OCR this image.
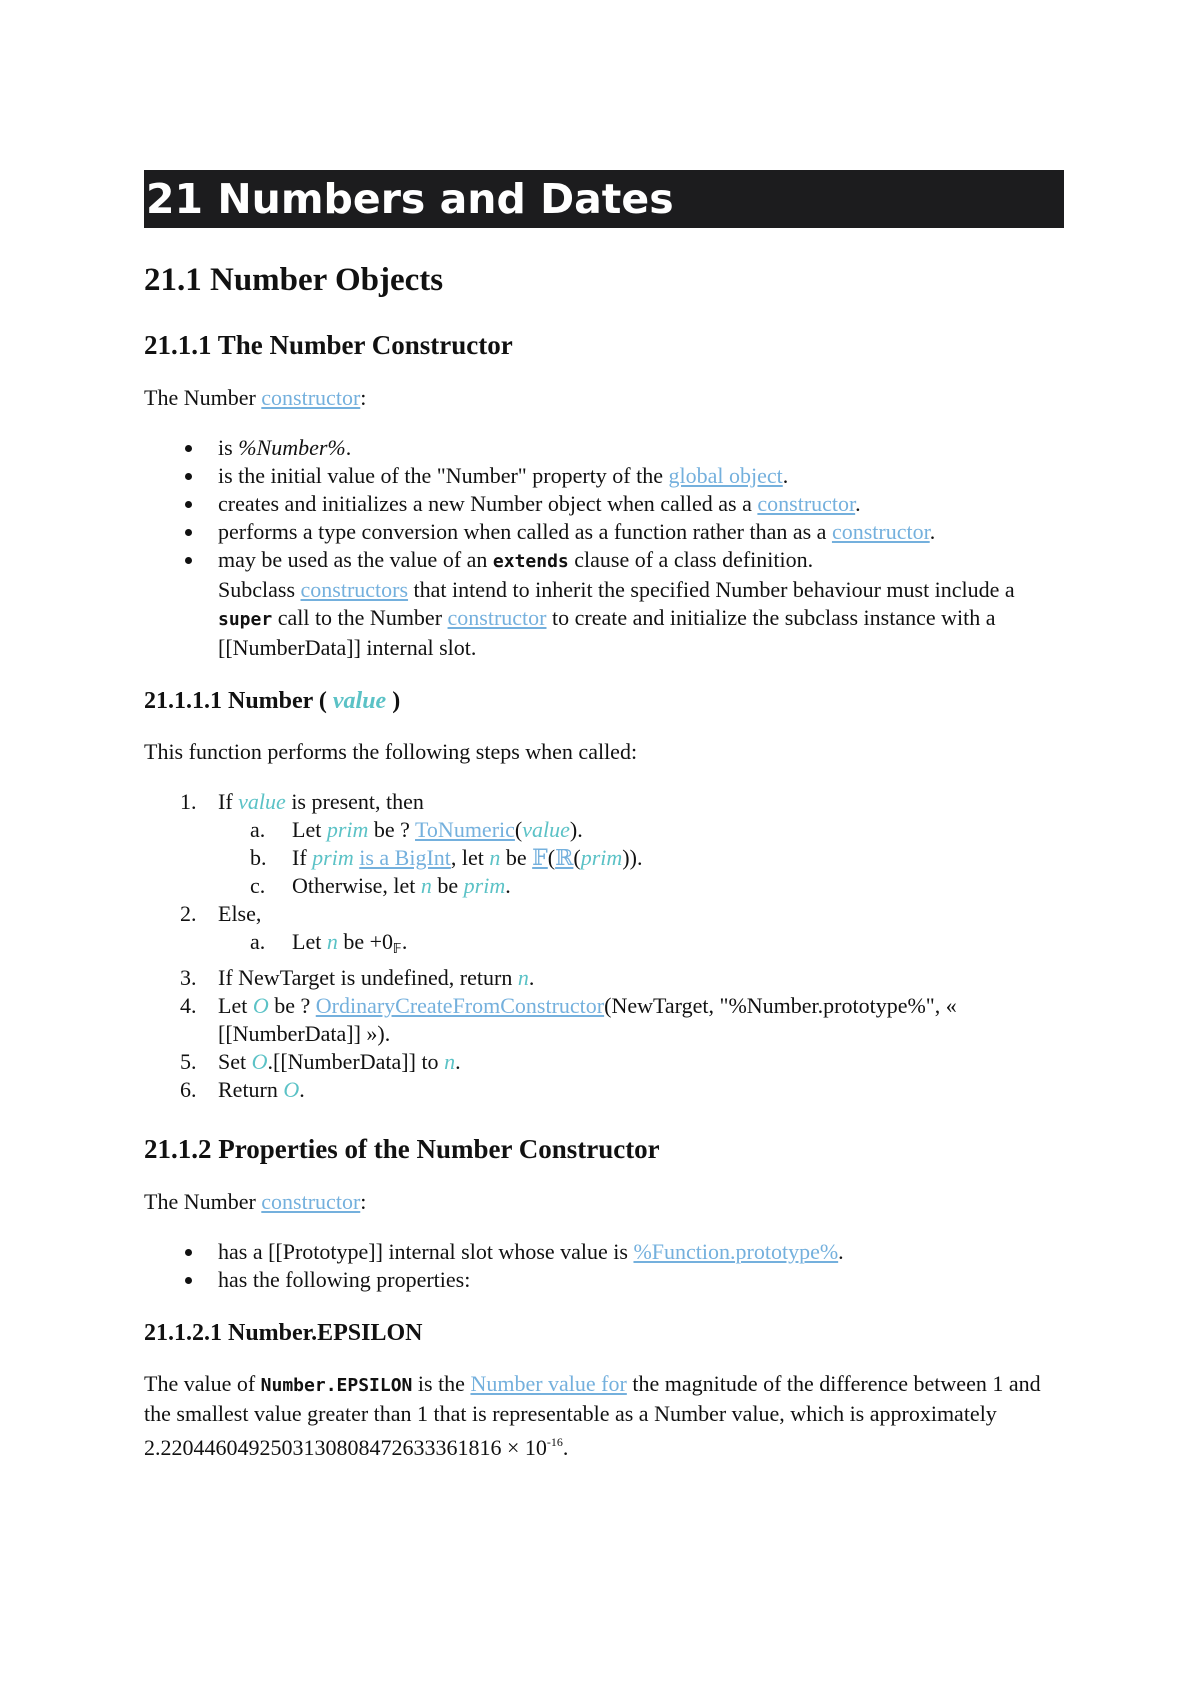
21 Numbers and Dates
21.1 Number Objects
21.1.1 The Number Constructor
The Number constructor:
is %Number%.
is the initial value of the "Number" property of the global object.
creates and initializes a new Number object when called as a constructor.
performs a type conversion when called as a function rather than as a constructor.
may be used as the value of an extends clause of a class definition.
Subclass constructors that intend to inherit the specified Number behaviour must include a super call to the Number constructor to create and initialize the subclass instance with a [[NumberData]] internal slot.
21.1.1.1 Number ( value )
This function performs the following steps when called:
1. If value is present, then
a.	Let prim be ? ToNumeric(value).
b.	If prim is a BigInt, let n be 𝔽(ℝ(prim)).
c.	Otherwise, let n be prim.
2. Else,
a.	Let n be +0𝔽.
3. If NewTarget is undefined, return n.
4. Let O be ? OrdinaryCreateFromConstructor(NewTarget, "%Number.prototype%", « [[NumberData]] »).
5. Set O.[[NumberData]] to n.
6. Return O.
21.1.2 Properties of the Number Constructor
The Number constructor:
has a [[Prototype]] internal slot whose value is %Function.prototype%.
has the following properties:
21.1.2.1 Number.EPSILON
The value of Number.EPSILON is the Number value for the magnitude of the difference between 1 and the smallest value greater than 1 that is representable as a Number value, which is approximately $2.2204460492503130808472633361816 \times 10^{-16}$.
